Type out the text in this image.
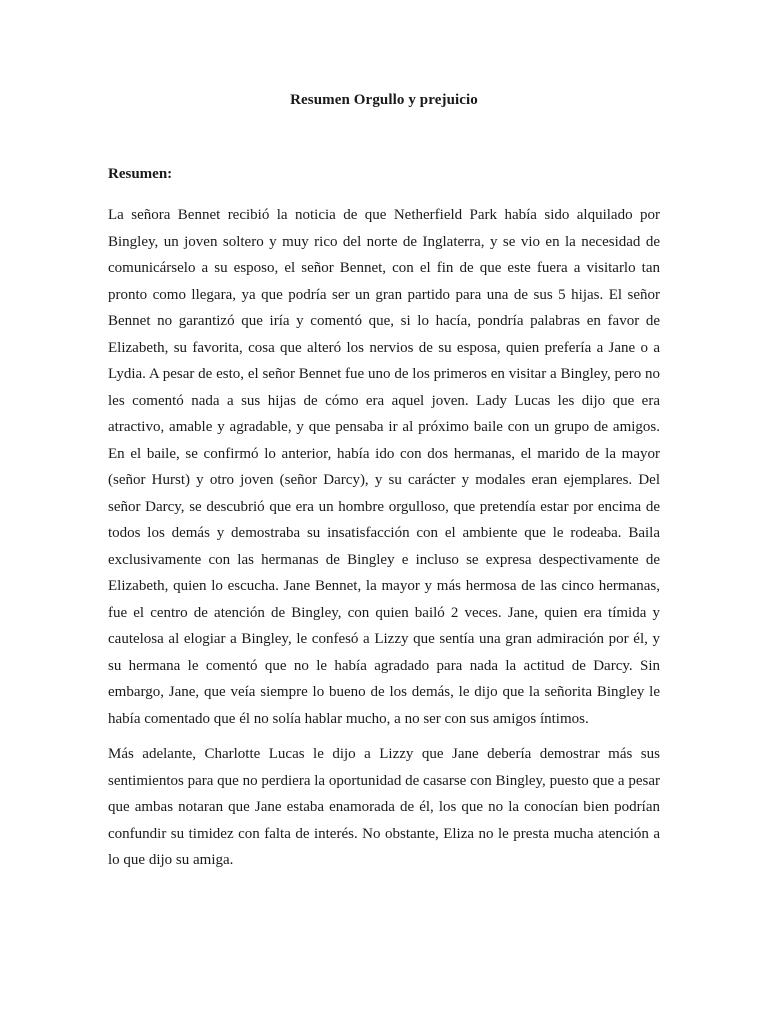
Resumen Orgullo y prejuicio
Resumen:

La señora Bennet recibió la noticia de que Netherfield Park había sido alquilado por Bingley, un joven soltero y muy rico del norte de Inglaterra, y se vio en la necesidad de comunicárselo a su esposo, el señor Bennet, con el fin de que este fuera a visitarlo tan pronto como llegara, ya que podría ser un gran partido para una de sus 5 hijas. El señor Bennet no garantizó que iría y comentó que, si lo hacía, pondría palabras en favor de Elizabeth, su favorita, cosa que alteró los nervios de su esposa, quien prefería a Jane o a Lydia. A pesar de esto, el señor Bennet fue uno de los primeros en visitar a Bingley, pero no les comentó nada a sus hijas de cómo era aquel joven. Lady Lucas les dijo que era atractivo, amable y agradable, y que pensaba ir al próximo baile con un grupo de amigos. En el baile, se confirmó lo anterior, había ido con dos hermanas, el marido de la mayor (señor Hurst) y otro joven (señor Darcy), y su carácter y modales eran ejemplares. Del señor Darcy, se descubrió que era un hombre orgulloso, que pretendía estar por encima de todos los demás y demostraba su insatisfacción con el ambiente que le rodeaba. Baila exclusivamente con las hermanas de Bingley e incluso se expresa despectivamente de Elizabeth, quien lo escucha. Jane Bennet, la mayor y más hermosa de las cinco hermanas, fue el centro de atención de Bingley, con quien bailó 2 veces. Jane, quien era tímida y cautelosa al elogiar a Bingley, le confesó a Lizzy que sentía una gran admiración por él, y su hermana le comentó que no le había agradado para nada la actitud de Darcy. Sin embargo, Jane, que veía siempre lo bueno de los demás, le dijo que la señorita Bingley le había comentado que él no solía hablar mucho, a no ser con sus amigos íntimos.

Más adelante, Charlotte Lucas le dijo a Lizzy que Jane debería demostrar más sus sentimientos para que no perdiera la oportunidad de casarse con Bingley, puesto que a pesar que ambas notaran que Jane estaba enamorada de él, los que no la conocían bien podrían confundir su timidez con falta de interés. No obstante, Eliza no le presta mucha atención a lo que dijo su amiga.
